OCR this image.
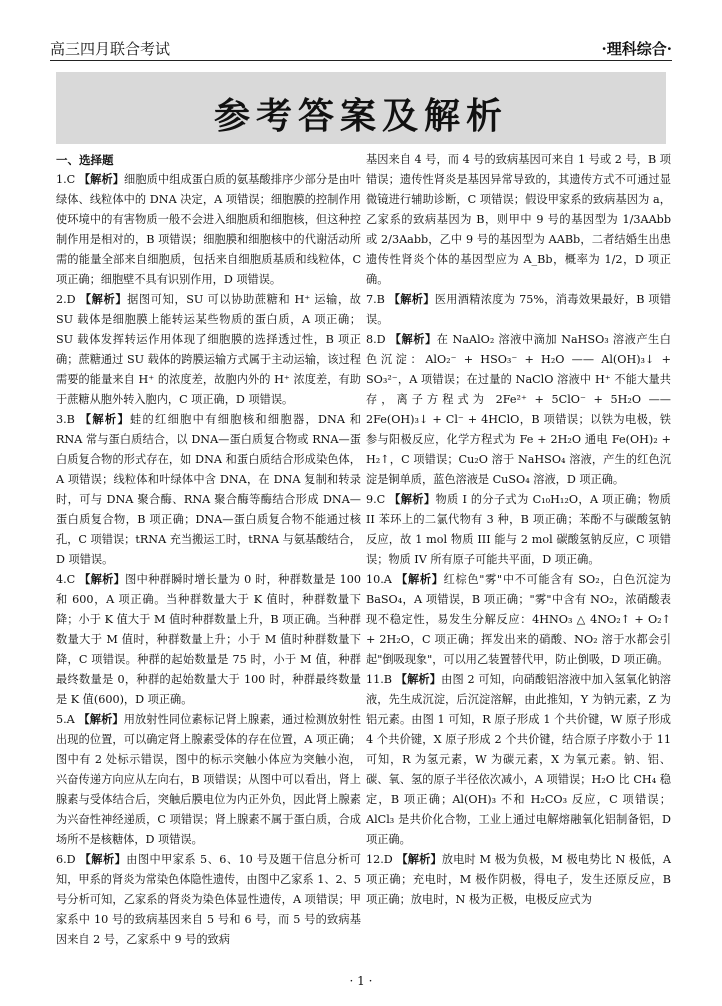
高三四月联合考试	·理科综合·
参考答案及解析
一、选择题

1.C 【解析】细胞质中组成蛋白质的氨基酸排序少部分是由叶绿体、线粒体中的 DNA 决定，A 项错误；细胞膜的控制作用使环境中的有害物质一般不会进入细胞质和细胞核，但这种控制作用是相对的，B 项错误；细胞膜和细胞核中的代谢活动所需的能量全部来自细胞质，包括来自细胞质基质和线粒体，C 项正确；细胞壁不具有识别作用，D 项错误。

2.D 【解析】据图可知，SU 可以协助蔗糖和 H⁺ 运输，故 SU 载体是细胞膜上能转运某些物质的蛋白质，A 项正确；SU 载体发挥转运作用体现了细胞膜的选择透过性，B 项正确；蔗糖通过 SU 载体的跨膜运输方式属于主动运输，该过程需要的能量来自 H⁺ 的浓度差，故胞内外的 H⁺ 浓度差，有助于蔗糖从胞外转入胞内，C 项正确，D 项错误。

3.B 【解析】蛙的红细胞中有细胞核和细胞器，DNA 和 RNA 常与蛋白质结合，以 DNA—蛋白质复合物或 RNA—蛋白质复合物的形式存在，如 DNA 和蛋白质结合形成染色体，A 项错误；线粒体和叶绿体中含 DNA，在 DNA 复制和转录时，可与 DNA 聚合酶、RNA 聚合酶等酶结合形成 DNA—蛋白质复合物，B 项正确；DNA—蛋白质复合物不能通过核孔，C 项错误；tRNA 充当搬运工时，tRNA 与氨基酸结合，D 项错误。

4.C 【解析】图中种群瞬时增长量为 0 时，种群数量是 100 和 600，A 项正确。当种群数量大于 K 值时，种群数量下降；小于 K 值大于 M 值时种群数量上升，B 项正确。当种群数量大于 M 值时，种群数量上升；小于 M 值时种群数量下降，C 项错误。种群的起始数量是 75 时，小于 M 值，种群最终数量是 0，种群的起始数量大于 100 时，种群最终数量是 K 值(600)，D 项正确。

5.A 【解析】用放射性同位素标记肾上腺素，通过检测放射性出现的位置，可以确定肾上腺素受体的存在位置，A 项正确；图中有 2 处标示错误，图中的标示突触小体应为突触小泡，兴奋传递方向应从左向右，B 项错误；从图中可以看出，肾上腺素与受体结合后，突触后膜电位为内正外负，因此肾上腺素为兴奋性神经递质，C 项错误；肾上腺素不属于蛋白质，合成场所不是核糖体，D 项错误。

6.D 【解析】由图中甲家系 5、6、10 号及题干信息分析可知，甲系的肾炎为常染色体隐性遗传，由图中乙家系 1、2、5 号分析可知，乙家系的肾炎为染色体显性遗传，A 项错误；甲家系中 10 号的致病基因来自 5 号和 6 号，而 5 号的致病基因来自 2 号，乙家系中 9 号的致病

基因来自 4 号，而 4 号的致病基因可来自 1 号或 2 号，B 项错误；遗传性肾炎是基因异常导致的，其遗传方式不可通过显微镜进行辅助诊断，C 项错误；假设甲家系的致病基因为 a，乙家系的致病基因为 B，则甲中 9 号的基因型为 1/3AAbb 或 2/3Aabb，乙中 9 号的基因型为 AABb，二者结婚生出患遗传性肾炎个体的基因型应为 A_Bb，概率为 1/2，D 项正确。

7.B 【解析】医用酒精浓度为 75%，消毒效果最好，B 项错误。

8.D 【解析】在 NaAlO₂ 溶液中滴加 NaHSO₃ 溶液产生白色沉淀：AlO₂⁻ + HSO₃⁻ + H₂O —— Al(OH)₃↓ + SO₃²⁻，A 项错误；在过量的 NaClO 溶液中 H⁺ 不能大量共存，离子方程式为 2Fe²⁺ + 5ClO⁻ + 5H₂O —— 2Fe(OH)₃↓ + Cl⁻ + 4HClO，B 项错误；以铁为电极，铁参与阳极反应，化学方程式为 Fe + 2H₂O 通电 Fe(OH)₂ + H₂↑，C 项错误；Cu₂O 溶于 NaHSO₄ 溶液，产生的红色沉淀是铜单质，蓝色溶液是 CuSO₄ 溶液，D 项正确。

9.C 【解析】物质 I 的分子式为 C₁₀H₁₂O，A 项正确；物质 II 苯环上的二氯代物有 3 种，B 项正确；苯酚不与碳酸氢钠反应，故 1 mol 物质 III 能与 2 mol 碳酸氢钠反应，C 项错误；物质 IV 所有原子可能共平面，D 项正确。

10.A 【解析】红棕色"雾"中不可能含有 SO₂，白色沉淀为 BaSO₄，A 项错误，B 项正确；"雾"中含有 NO₂，浓硝酸表现不稳定性，易发生分解反应：4HNO₃ △ 4NO₂↑ + O₂↑ + 2H₂O，C 项正确；挥发出来的硝酸、NO₂ 溶于水都会引起"倒吸现象"，可以用乙装置替代甲，防止倒吸，D 项正确。

11.B 【解析】由图 2 可知，向硝酸铝溶液中加入氢氧化钠溶液，先生成沉淀，后沉淀溶解，由此推知，Y 为钠元素，Z 为铝元素。由图 1 可知，R 原子形成 1 个共价键，W 原子形成 4 个共价键，X 原子形成 2 个共价键，结合原子序数小于 11 可知，R 为氢元素，W 为碳元素，X 为氧元素。钠、铝、碳、氧、氢的原子半径依次减小，A 项错误；H₂O 比 CH₄ 稳定，B 项正确；Al(OH)₃ 不和 H₂CO₃ 反应，C 项错误；AlCl₃ 是共价化合物，工业上通过电解熔融氧化铝制备铝，D 项正确。

12.D 【解析】放电时 M 极为负极，M 极电势比 N 极低，A 项正确；充电时，M 极作阴极，得电子，发生还原反应，B 项正确；放电时，N 极为正极，电极反应式为

· 1 ·
